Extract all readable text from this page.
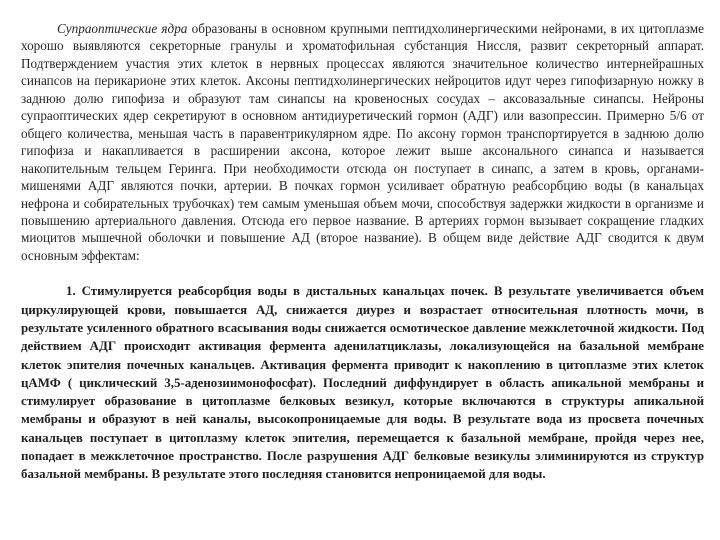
Супраоптические ядра образованы в основном крупными пептидхолинергическими нейронами, в их цитоплазме хорошо выявляются секреторные гранулы и хроматофильная субстанция Ниссля, развит секреторный аппарат. Подтверждением участия этих клеток в нервных процессах являются значительное количество интернейрашных синапсов на перикарионе этих клеток. Аксоны пептидхолинергических нейроцитов идут через гипофизарную ножку в заднюю долю гипофиза и образуют там синапсы на кровеносных сосудах – аксовазальные синапсы. Нейроны супраоптических ядер секретируют в основном антидиуретический гормон (АДГ) или вазопрессин. Примерно 5/6 от общего количества, меньшая часть в паравентрикулярном ядре. По аксону гормон транспортируется в заднюю долю гипофиза и накапливается в расширении аксона, которое лежит выше аксонального синапса и называется накопительным тельцем Геринга. При необходимости отсюда он поступает в синапс, а затем в кровь, органами-мишенями АДГ являются почки, артерии. В почках гормон усиливает обратную реабсорбцию воды (в канальцах нефрона и собирательных трубочках) тем самым уменьшая объем мочи, способствуя задержки жидкости в организме и повышению артериального давления. Отсюда его первое название. В артериях гормон вызывает сокращение гладких миоцитов мышечной оболочки и повышение АД (второе название). В общем виде действие АДГ сводится к двум основным эффектам:

1. Стимулируется реабсорбция воды в дистальных канальцах почек. В результате увеличивается объем циркулирующей крови, повышается АД, снижается диурез и возрастает относительная плотность мочи, в результате усиленного обратного всасывания воды снижается осмотическое давление межклеточной жидкости. Под действием АДГ происходит активация фермента аденилатциклазы, локализующейся на базальной мембране клеток эпителия почечных канальцев. Активация фермента приводит к накоплению в цитоплазме этих клеток цАМФ ( циклический 3,5-аденозинмонофосфат). Последний диффундирует в область апикальной мембраны и стимулирует образование в цитоплазме белковых везикул, которые включаются в структуры апикальной мембраны и образуют в ней каналы, высокопроницаемые для воды. В результате вода из просвета почечных канальцев поступает в цитоплазму клеток эпителия, перемещается к базальной мембране, пройдя через нее, попадает в межклеточное пространство. После разрушения АДГ белковые везикулы элиминируются из структур базальной мембраны. В результате этого последняя становится непроницаемой для воды.
